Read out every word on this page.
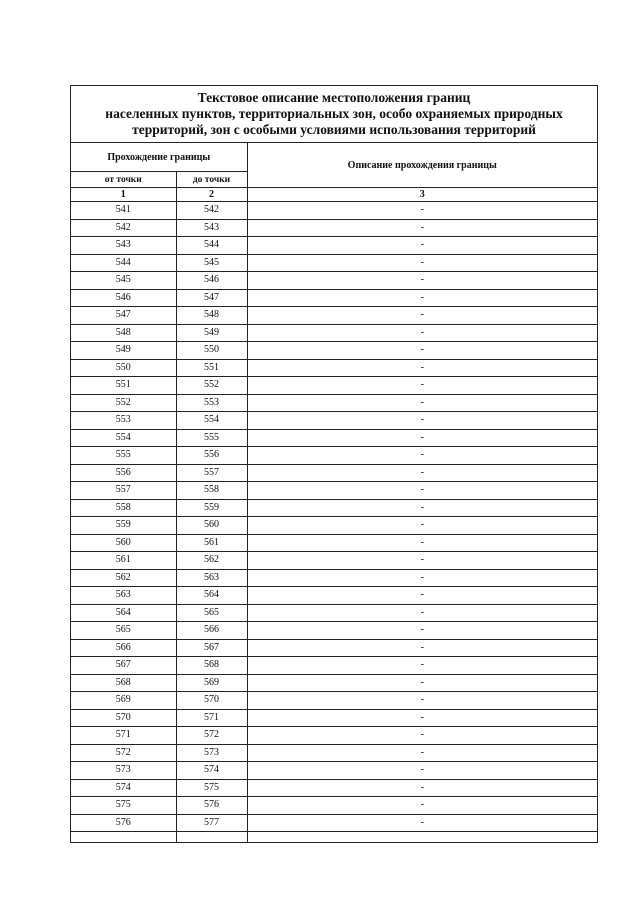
Текстовое описание местоположения границ
населенных пунктов, территориальных зон, особо охраняемых природных
территорий, зон с особыми условиями использования территорий
Прохождение границы		Описание прохождения границы
от точки	до точки	
1	2	3
541	542	-
542	543	-
543	544	-
544	545	-
545	546	-
546	547	-
547	548	-
548	549	-
549	550	-
550	551	-
551	552	-
552	553	-
553	554	-
554	555	-
555	556	-
556	557	-
557	558	-
558	559	-
559	560	-
560	561	-
561	562	-
562	563	-
563	564	-
564	565	-
565	566	-
566	567	-
567	568	-
568	569	-
569	570	-
570	571	-
571	572	-
572	573	-
573	574	-
574	575	-
575	576	-
576	577	-
